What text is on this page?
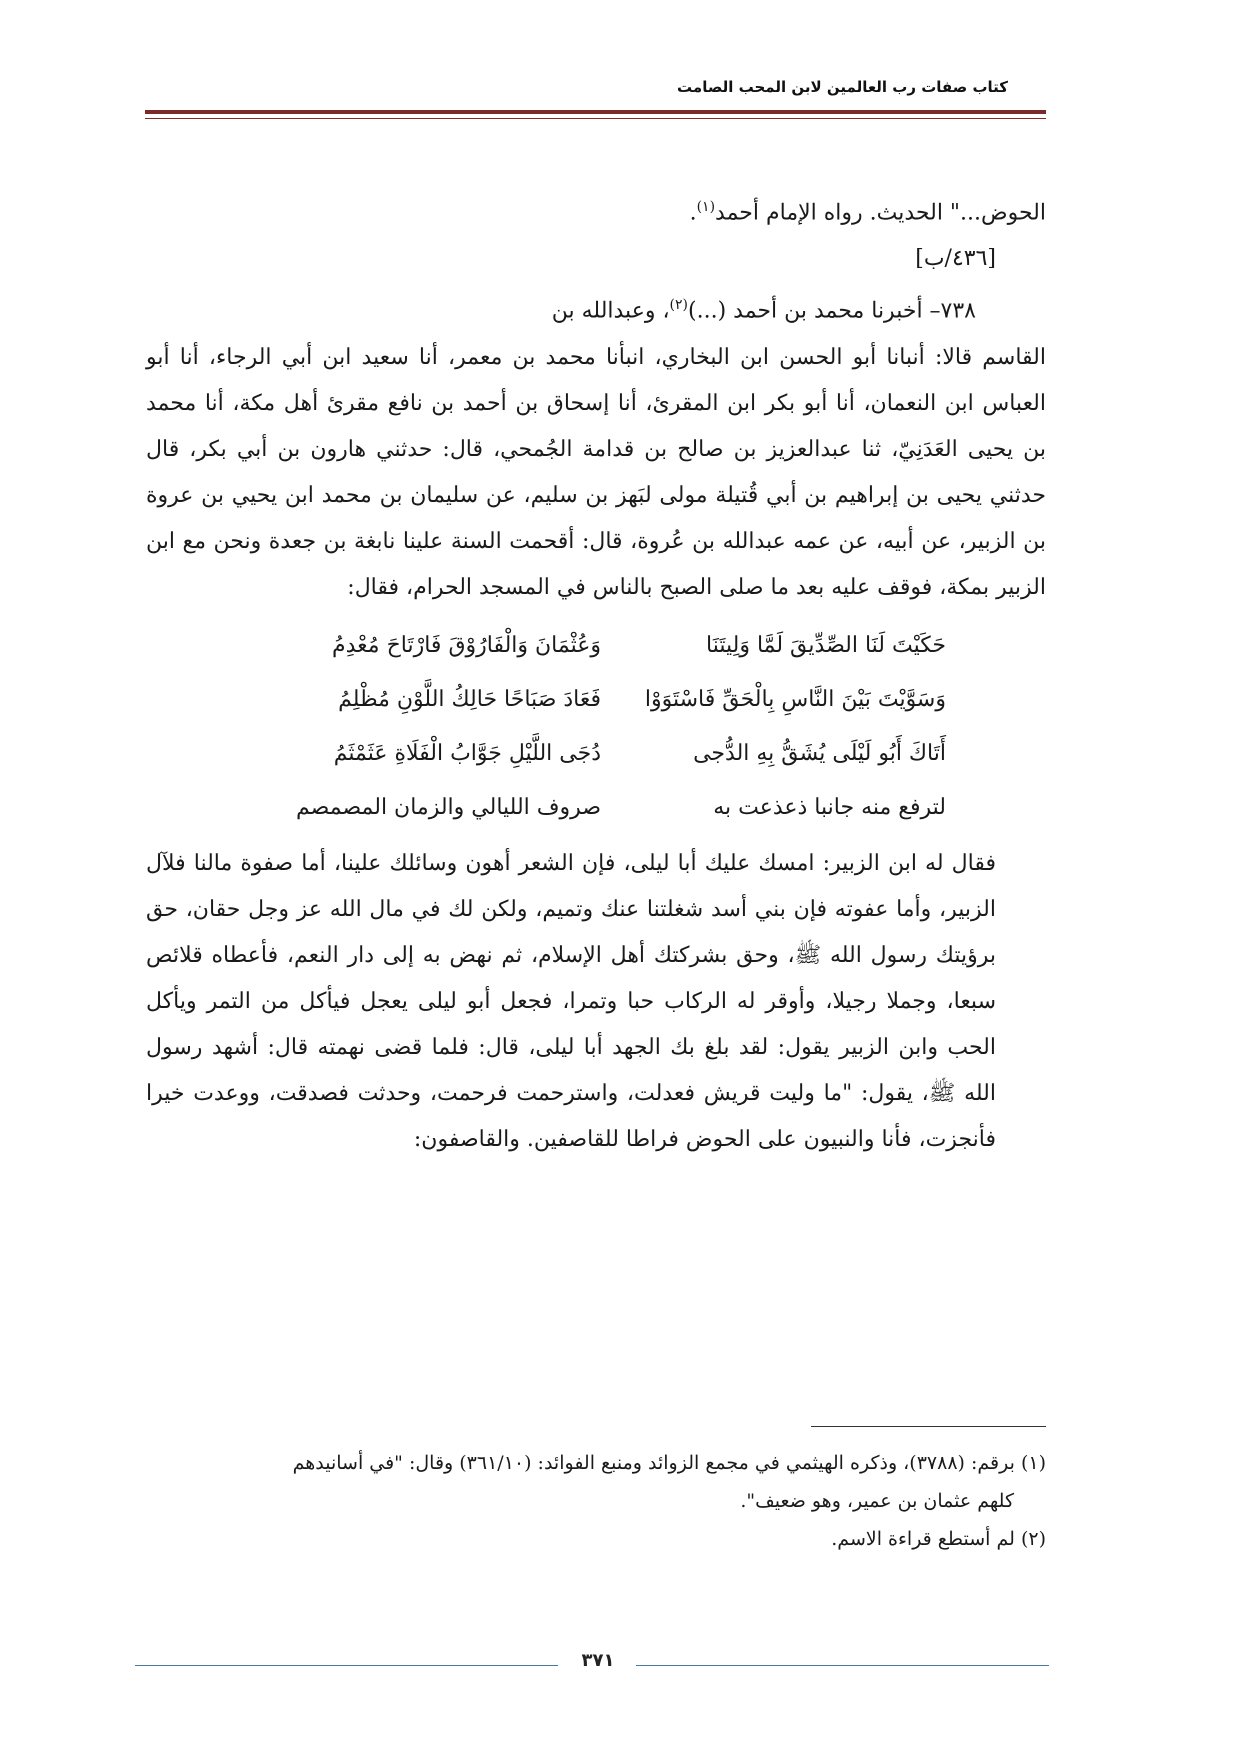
كتاب صفات رب العالمين لابن المحب الصامت

الحوض..." الحديث. رواه الإمام أحمد$^{(١)}$.

[٤٣٦/ب]

٧٣٨– أخبرنا محمد بن أحمد (...)$^{(٢)}$، وعبدالله بن

القاسم قالا: أنبانا أبو الحسن ابن البخاري، انبأنا محمد بن معمر، أنا سعيد ابن أبي الرجاء، أنا أبو العباس ابن النعمان، أنا أبو بكر ابن المقرئ، أنا إسحاق بن أحمد بن نافع مقرئ أهل مكة، أنا محمد بن يحيى العَدَنِيّ، ثنا عبدالعزيز بن صالح بن قدامة الجُمحي، قال: حدثني هارون بن أبي بكر، قال حدثني يحيى بن إبراهيم بن أبي قُتيلة مولى لبَهز بن سليم، عن سليمان بن محمد ابن يحيي بن عروة بن الزبير، عن أبيه، عن عمه عبدالله بن عُروة، قال: أقحمت السنة علينا نابغة بن جعدة ونحن مع ابن الزبير بمكة، فوقف عليه بعد ما صلى الصبح بالناس في المسجد الحرام، فقال:

حَكَيْتَ لَنَا الصِّدِّيقَ لَمَّا وَلِيتَنَا
وَعُثْمَانَ وَالْفَارُوْقَ فَارْتَاحَ مُعْدِمُ
وَسَوَّيْتَ بَيْنَ النَّاسِ بِالْحَقِّ فَاسْتَوَوْا
فَعَادَ صَبَاحًا حَالِكُ اللَّوْنِ مُظْلِمُ
أَتَاكَ أَبُو لَيْلَى يُشَقُّ بِهِ الدُّجى
دُجَى اللَّيْلِ جَوَّابُ الْفَلَاةِ عَثَمْثَمُ
لترفع منه جانبا ذعذعت به
صروف الليالي والزمان المصمصم

فقال له ابن الزبير: امسك عليك أبا ليلى، فإن الشعر أهون وسائلك علينا، أما صفوة مالنا فلآل الزبير، وأما عفوته فإن بني أسد شغلتنا عنك وتميم، ولكن لك في مال الله عز وجل حقان، حق برؤيتك رسول الله ﷺ، وحق بشركتك أهل الإسلام، ثم نهض به إلى دار النعم، فأعطاه قلائص سبعا، وجملا رجيلا، وأوقر له الركاب حبا وتمرا، فجعل أبو ليلى يعجل فيأكل من التمر ويأكل الحب وابن الزبير يقول: لقد بلغ بك الجهد أبا ليلى، قال: فلما قضى نهمته قال: أشهد رسول الله ﷺ، يقول: "ما وليت قريش فعدلت، واسترحمت فرحمت، وحدثت فصدقت، ووعدت خيرا فأنجزت، فأنا والنبيون على الحوض فراطا للقاصفين. والقاصفون:

(١) برقم: (٣٧٨٨)، وذكره الهيثمي في مجمع الزوائد ومنبع الفوائد: (٣٦١/١٠) وقال: "في أسانيدهم

كلهم عثمان بن عمير، وهو ضعيف".

(٢) لم أستطع قراءة الاسم.

٣٧١
